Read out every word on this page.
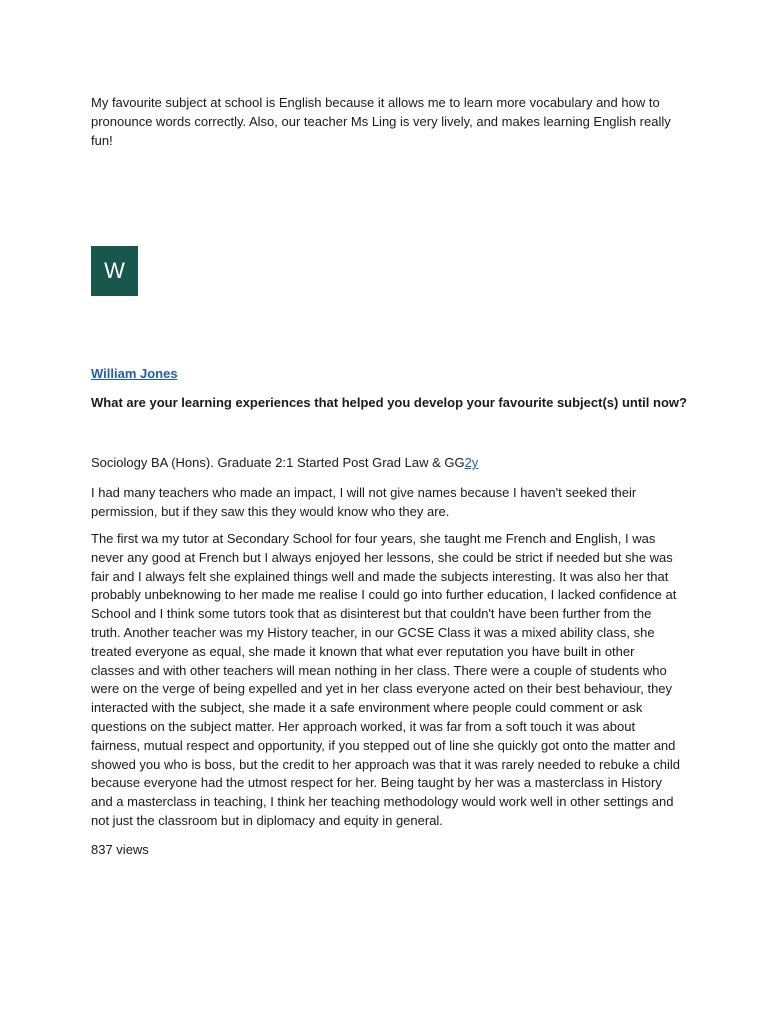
My favourite subject at school is English because it allows me to learn more vocabulary and how to pronounce words correctly. Also, our teacher Ms Ling is very lively, and makes learning English really fun!

W
William Jones

What are your learning experiences that helped you develop your favourite subject(s) until now?

Sociology BA (Hons). Graduate 2:1 Started Post Grad Law & GG2y

I had many teachers who made an impact, I will not give names because I haven't seeked their permission, but if they saw this they would know who they are.

The first wa my tutor at Secondary School for four years, she taught me French and English, I was never any good at French but I always enjoyed her lessons, she could be strict if needed but she was fair and I always felt she explained things well and made the subjects interesting. It was also her that probably unbeknowing to her made me realise I could go into further education, I lacked confidence at School and I think some tutors took that as disinterest but that couldn't have been further from the truth. Another teacher was my History teacher, in our GCSE Class it was a mixed ability class, she treated everyone as equal, she made it known that what ever reputation you have built in other classes and with other teachers will mean nothing in her class. There were a couple of students who were on the verge of being expelled and yet in her class everyone acted on their best behaviour, they interacted with the subject, she made it a safe environment where people could comment or ask questions on the subject matter. Her approach worked, it was far from a soft touch it was about fairness, mutual respect and opportunity, if you stepped out of line she quickly got onto the matter and showed you who is boss, but the credit to her approach was that it was rarely needed to rebuke a child because everyone had the utmost respect for her. Being taught by her was a masterclass in History and a masterclass in teaching, I think her teaching methodology would work well in other settings and not just the classroom but in diplomacy and equity in general.

837 views
